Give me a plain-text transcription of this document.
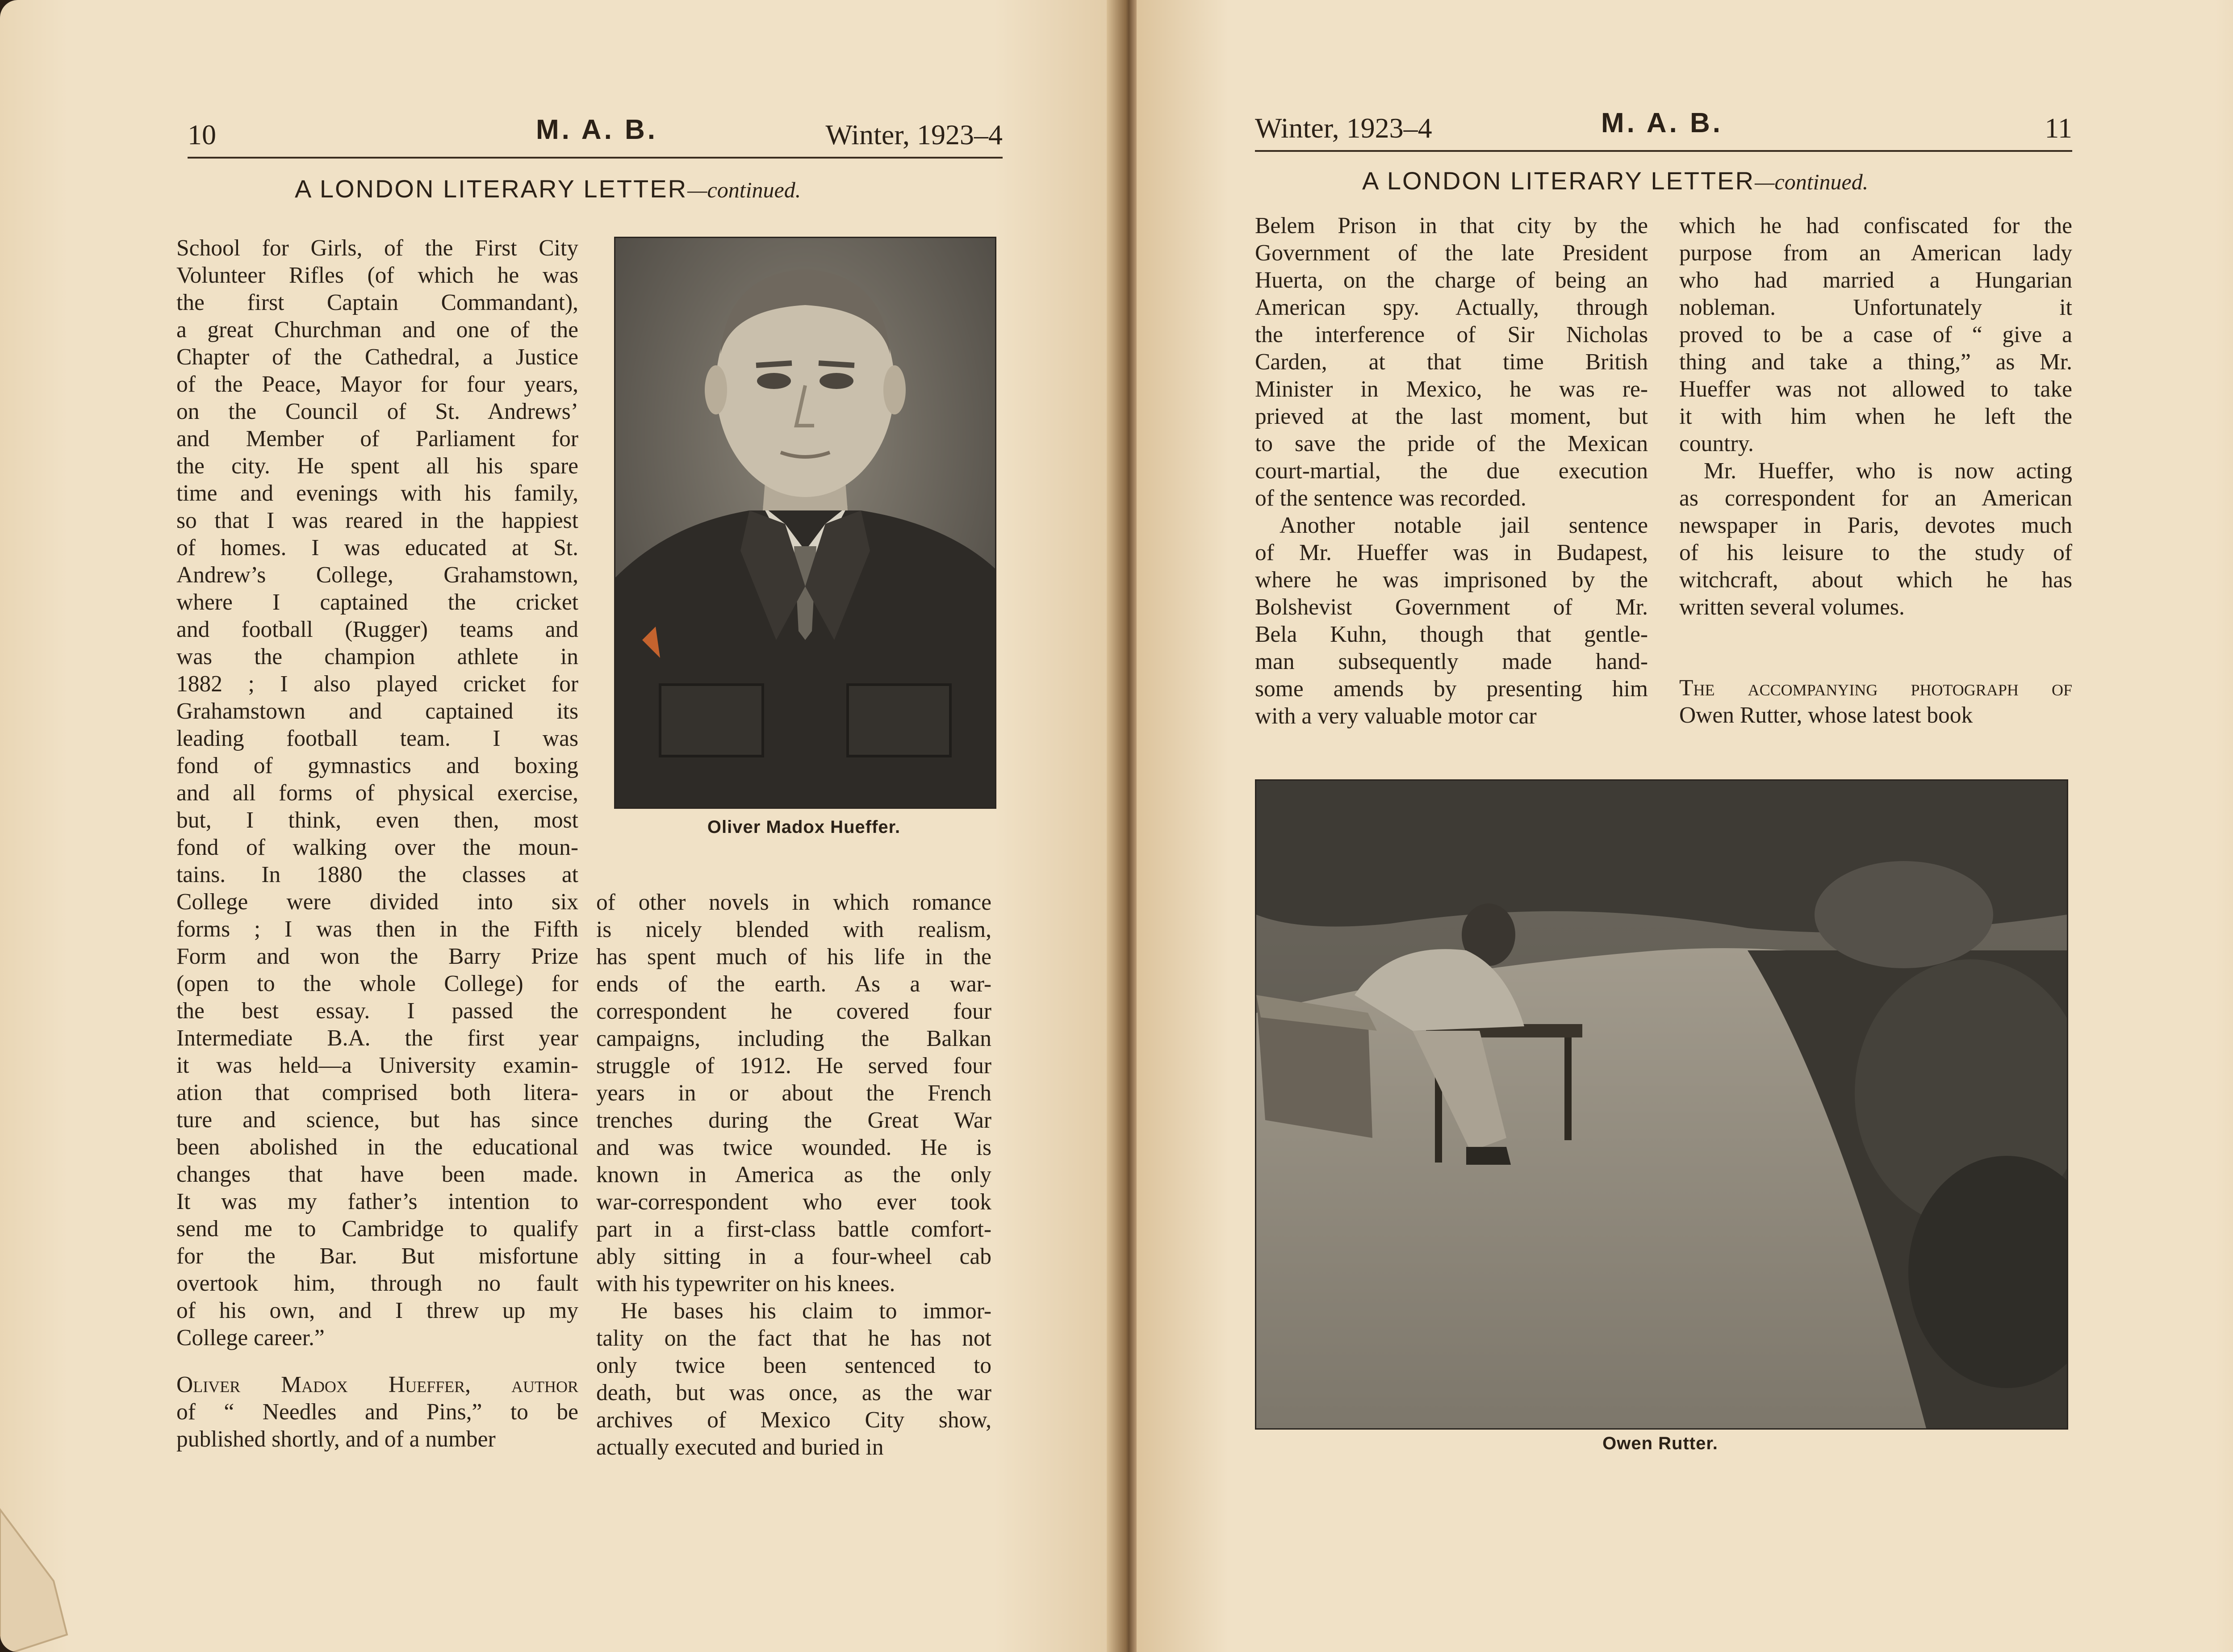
10	M. A. B.	Winter, 1923–4
A LONDON LITERARY LETTER—continued.
Oliver Madox Hueffer.
School for Girls, of the First City
Volunteer Rifles (of which he was
the first Captain Commandant),
a great Churchman and one of the
Chapter of the Cathedral, a Justice
of the Peace, Mayor for four years,
on the Council of St. Andrews’
and Member of Parliament for
the city. He spent all his spare
time and evenings with his family,
so that I was reared in the happiest
of homes. I was educated at St.
Andrew’s College, Grahamstown,
where I captained the cricket
and football (Rugger) teams and
was the champion athlete in
1882 ; I also played cricket for
Grahamstown and captained its
leading football team. I was
fond of gymnastics and boxing
and all forms of physical exercise,
but, I think, even then, most
fond of walking over the moun-
tains. In 1880 the classes at
College were divided into six
forms ; I was then in the Fifth
Form and won the Barry Prize
(open to the whole College) for
the best essay. I passed the
Intermediate B.A. the first year
it was held—a University examin-
ation that comprised both litera-
ture and science, but has since
been abolished in the educational
changes that have been made.
It was my father’s intention to
send me to Cambridge to qualify
for the Bar. But misfortune
overtook him, through no fault
of his own, and I threw up my
College career.”
Oliver Madox Hueffer, author
of “ Needles and Pins,” to be
published shortly, and of a number
of other novels in which romance
is nicely blended with realism,
has spent much of his life in the
ends of the earth. As a war-
correspondent he covered four
campaigns, including the Balkan
struggle of 1912. He served four
years in or about the French
trenches during the Great War
and was twice wounded. He is
known in America as the only
war-correspondent who ever took
part in a first-class battle comfort-
ably sitting in a four-wheel cab
with his typewriter on his knees.
He bases his claim to immor-
tality on the fact that he has not
only twice been sentenced to
death, but was once, as the war
archives of Mexico City show,
actually executed and buried in
Winter, 1923–4	M. A. B.	11
A LONDON LITERARY LETTER—continued.
Belem Prison in that city by the
Government of the late President
Huerta, on the charge of being an
American spy. Actually, through
the interference of Sir Nicholas
Carden, at that time British
Minister in Mexico, he was re-
prieved at the last moment, but
to save the pride of the Mexican
court-martial, the due execution
of the sentence was recorded.
Another notable jail sentence
of Mr. Hueffer was in Budapest,
where he was imprisoned by the
Bolshevist Government of Mr.
Bela Kuhn, though that gentle-
man subsequently made hand-
some amends by presenting him
with a very valuable motor car
which he had confiscated for the
purpose from an American lady
who had married a Hungarian
nobleman. Unfortunately it
proved to be a case of “ give a
thing and take a thing,” as Mr.
Hueffer was not allowed to take
it with him when he left the
country.
Mr. Hueffer, who is now acting
as correspondent for an American
newspaper in Paris, devotes much
of his leisure to the study of
witchcraft, about which he has
written several volumes.
The accompanying photograph of
Owen Rutter, whose latest book
Owen Rutter.
